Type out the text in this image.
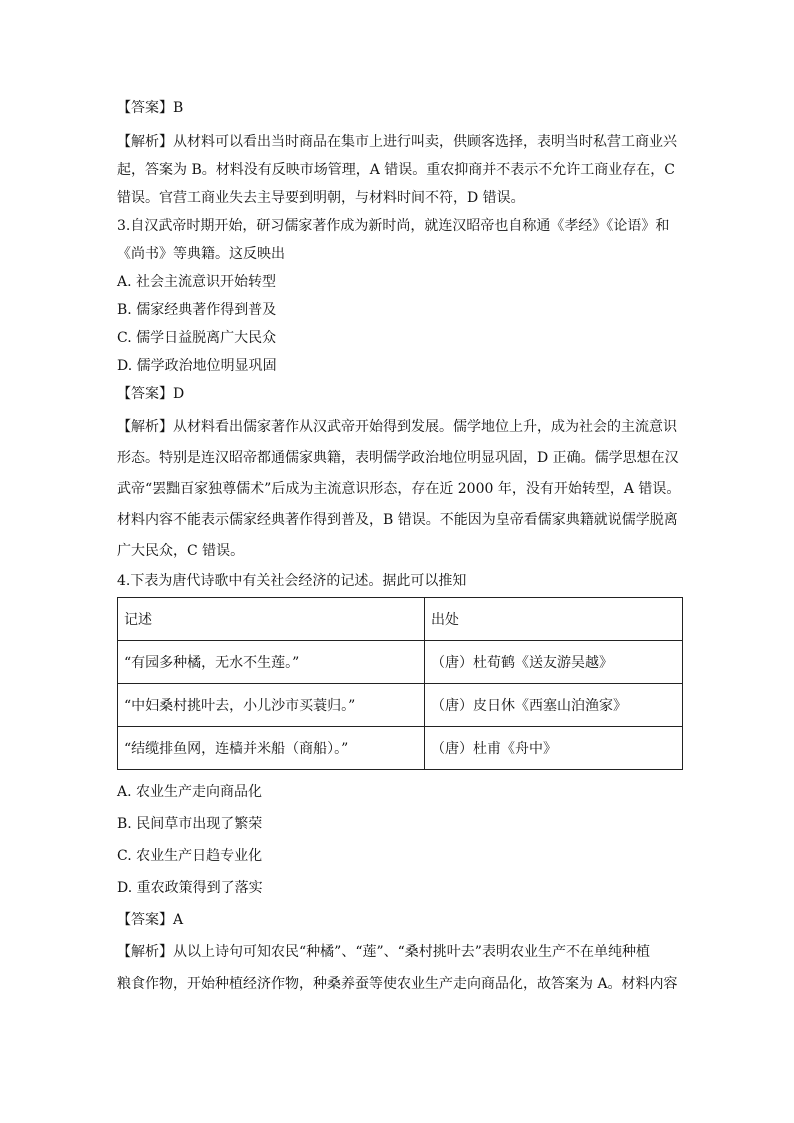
【答案】B

【解析】从材料可以看出当时商品在集市上进行叫卖，供顾客选择，表明当时私营工商业兴

起，答案为 B。材料没有反映市场管理，A 错误。重农抑商并不表示不允许工商业存在，C

错误。官营工商业失去主导要到明朝，与材料时间不符，D 错误。

3.自汉武帝时期开始，研习儒家著作成为新时尚，就连汉昭帝也自称通《孝经》《论语》和

《尚书》等典籍。这反映出

A. 社会主流意识开始转型

B. 儒家经典著作得到普及

C. 儒学日益脱离广大民众

D. 儒学政治地位明显巩固

【答案】D

【解析】从材料看出儒家著作从汉武帝开始得到发展。儒学地位上升，成为社会的主流意识

形态。特别是连汉昭帝都通儒家典籍，表明儒学政治地位明显巩固，D 正确。儒学思想在汉

武帝“罢黜百家独尊儒术”后成为主流意识形态，存在近 2000 年，没有开始转型，A 错误。

材料内容不能表示儒家经典著作得到普及，B 错误。不能因为皇帝看儒家典籍就说儒学脱离

广大民众，C 错误。

4.下表为唐代诗歌中有关社会经济的记述。据此可以推知

记述	出处
“有园多种橘，无水不生莲。”	（唐）杜荀鹤《送友游吴越》
“中妇桑村挑叶去，小儿沙市买蓑归。”	（唐）皮日休《西塞山泊渔家》
“结缆排鱼网，连樯并米船（商船）。”	（唐）杜甫《舟中》

A. 农业生产走向商品化

B. 民间草市出现了繁荣

C. 农业生产日趋专业化

D. 重农政策得到了落实

【答案】A

【解析】从以上诗句可知农民“种橘”、“莲”、“桑村挑叶去”表明农业生产不在单纯种植

粮食作物，开始种植经济作物，种桑养蚕等使农业生产走向商品化，故答案为 A。材料内容
